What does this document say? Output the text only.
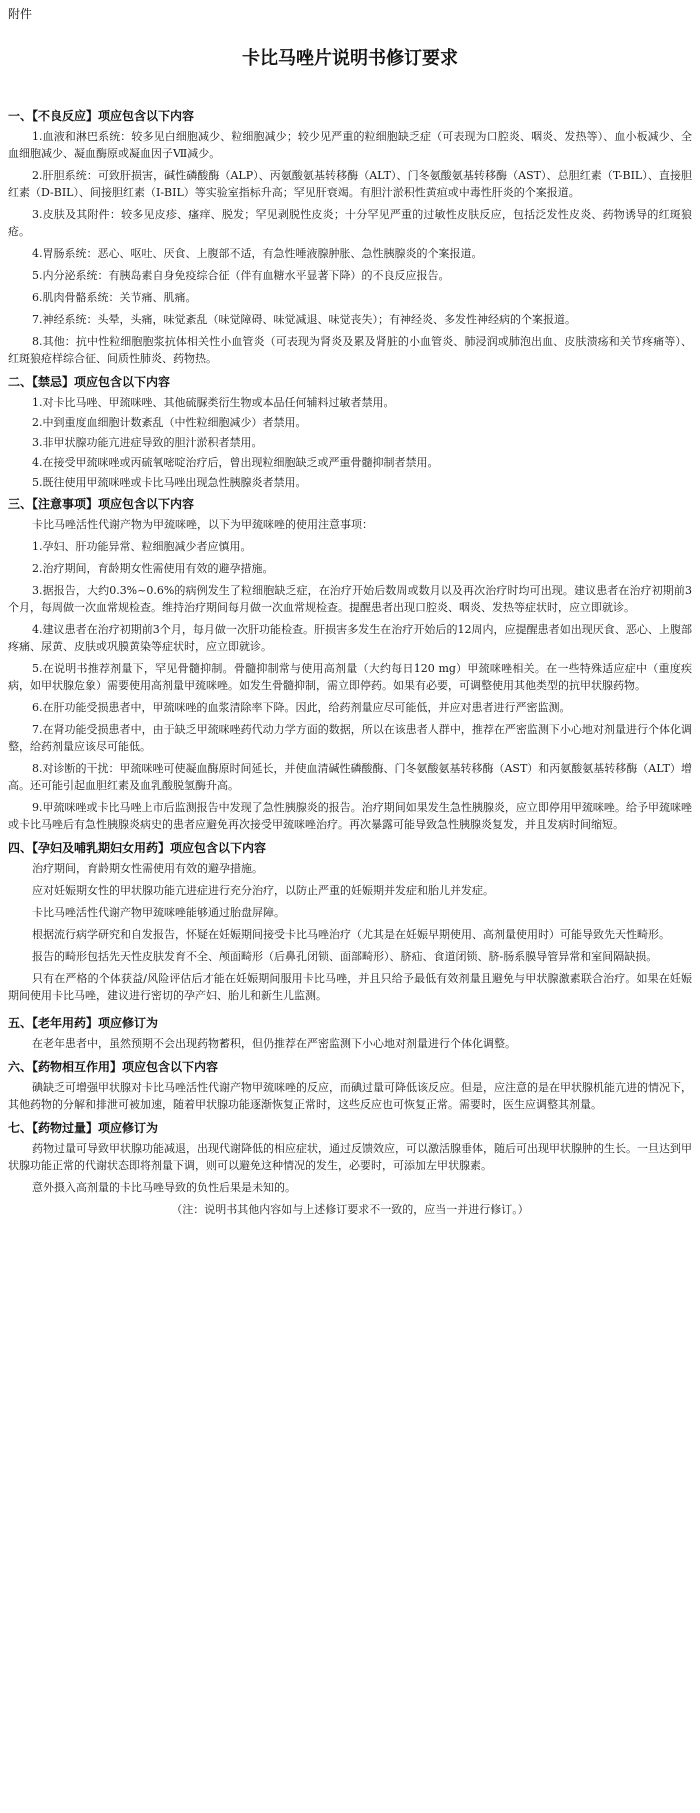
附件
卡比马唑片说明书修订要求
一、【不良反应】项应包含以下内容

1.血液和淋巴系统：较多见白细胞减少、粒细胞减少；较少见严重的粒细胞缺乏症（可表现为口腔炎、咽炎、发热等）、血小板减少、全血细胞减少、凝血酶原或凝血因子Ⅶ减少。

2.肝胆系统：可致肝损害，碱性磷酸酶（ALP）、丙氨酸氨基转移酶（ALT）、门冬氨酸氨基转移酶（AST）、总胆红素（T-BIL）、直接胆红素（D-BIL）、间接胆红素（I-BIL）等实验室指标升高；罕见肝衰竭。有胆汁淤积性黄疸或中毒性肝炎的个案报道。

3.皮肤及其附件：较多见皮疹、瘙痒、脱发；罕见剥脱性皮炎；十分罕见严重的过敏性皮肤反应，包括泛发性皮炎、药物诱导的红斑狼疮。

4.胃肠系统：恶心、呕吐、厌食、上腹部不适，有急性唾液腺肿胀、急性胰腺炎的个案报道。

5.内分泌系统：有胰岛素自身免疫综合征（伴有血糖水平显著下降）的不良反应报告。

6.肌肉骨骼系统：关节痛、肌痛。

7.神经系统：头晕，头痛，味觉紊乱（味觉障碍、味觉减退、味觉丧失）；有神经炎、多发性神经病的个案报道。

8.其他：抗中性粒细胞胞浆抗体相关性小血管炎（可表现为肾炎及累及肾脏的小血管炎、肺浸润或肺泡出血、皮肤溃疡和关节疼痛等）、红斑狼疮样综合征、间质性肺炎、药物热。

二、【禁忌】项应包含以下内容

1.对卡比马唑、甲巯咪唑、其他硫脲类衍生物或本品任何辅料过敏者禁用。

2.中到重度血细胞计数紊乱（中性粒细胞减少）者禁用。

3.非甲状腺功能亢进症导致的胆汁淤积者禁用。

4.在接受甲巯咪唑或丙硫氧嘧啶治疗后，曾出现粒细胞缺乏或严重骨髓抑制者禁用。

5.既往使用甲巯咪唑或卡比马唑出现急性胰腺炎者禁用。

三、【注意事项】项应包含以下内容

卡比马唑活性代谢产物为甲巯咪唑，以下为甲巯咪唑的使用注意事项：

1.孕妇、肝功能异常、粒细胞减少者应慎用。

2.治疗期间，育龄期女性需使用有效的避孕措施。

3.据报告，大约0.3%~0.6%的病例发生了粒细胞缺乏症，在治疗开始后数周或数月以及再次治疗时均可出现。建议患者在治疗初期前3个月，每周做一次血常规检查。维持治疗期间每月做一次血常规检查。提醒患者出现口腔炎、咽炎、发热等症状时，应立即就诊。

4.建议患者在治疗初期前3个月，每月做一次肝功能检查。肝损害多发生在治疗开始后的12周内，应提醒患者如出现厌食、恶心、上腹部疼痛、尿黄、皮肤或巩膜黄染等症状时，应立即就诊。

5.在说明书推荐剂量下，罕见骨髓抑制。骨髓抑制常与使用高剂量（大约每日120 mg）甲巯咪唑相关。在一些特殊适应症中（重度疾病，如甲状腺危象）需要使用高剂量甲巯咪唑。如发生骨髓抑制，需立即停药。如果有必要，可调整使用其他类型的抗甲状腺药物。

6.在肝功能受损患者中，甲巯咪唑的血浆清除率下降。因此，给药剂量应尽可能低，并应对患者进行严密监测。

7.在肾功能受损患者中，由于缺乏甲巯咪唑药代动力学方面的数据，所以在该患者人群中，推荐在严密监测下小心地对剂量进行个体化调整，给药剂量应该尽可能低。

8.对诊断的干扰：甲巯咪唑可使凝血酶原时间延长，并使血清碱性磷酸酶、门冬氨酸氨基转移酶（AST）和丙氨酸氨基转移酶（ALT）增高。还可能引起血胆红素及血乳酸脱氢酶升高。

9.甲巯咪唑或卡比马唑上市后监测报告中发现了急性胰腺炎的报告。治疗期间如果发生急性胰腺炎，应立即停用甲巯咪唑。给予甲巯咪唑或卡比马唑后有急性胰腺炎病史的患者应避免再次接受甲巯咪唑治疗。再次暴露可能导致急性胰腺炎复发，并且发病时间缩短。

四、【孕妇及哺乳期妇女用药】项应包含以下内容

治疗期间，育龄期女性需使用有效的避孕措施。

应对妊娠期女性的甲状腺功能亢进症进行充分治疗，以防止严重的妊娠期并发症和胎儿并发症。

卡比马唑活性代谢产物甲巯咪唑能够通过胎盘屏障。

根据流行病学研究和自发报告，怀疑在妊娠期间接受卡比马唑治疗（尤其是在妊娠早期使用、高剂量使用时）可能导致先天性畸形。

报告的畸形包括先天性皮肤发育不全、颅面畸形（后鼻孔闭锁、面部畸形）、脐疝、食道闭锁、脐-肠系膜导管异常和室间隔缺损。

只有在严格的个体获益/风险评估后才能在妊娠期间服用卡比马唑，并且只给予最低有效剂量且避免与甲状腺激素联合治疗。如果在妊娠期间使用卡比马唑，建议进行密切的孕产妇、胎儿和新生儿监测。

五、【老年用药】项应修订为

在老年患者中，虽然预期不会出现药物蓄积，但仍推荐在严密监测下小心地对剂量进行个体化调整。

六、【药物相互作用】项应包含以下内容

碘缺乏可增强甲状腺对卡比马唑活性代谢产物甲巯咪唑的反应，而碘过量可降低该反应。但是，应注意的是在甲状腺机能亢进的情况下，其他药物的分解和排泄可被加速，随着甲状腺功能逐渐恢复正常时，这些反应也可恢复正常。需要时，医生应调整其剂量。

七、【药物过量】项应修订为

药物过量可导致甲状腺功能减退，出现代谢降低的相应症状，通过反馈效应，可以激活腺垂体，随后可出现甲状腺肿的生长。一旦达到甲状腺功能正常的代谢状态即将剂量下调，则可以避免这种情况的发生，必要时，可添加左甲状腺素。

意外摄入高剂量的卡比马唑导致的负性后果是未知的。

（注：说明书其他内容如与上述修订要求不一致的，应当一并进行修订。）
